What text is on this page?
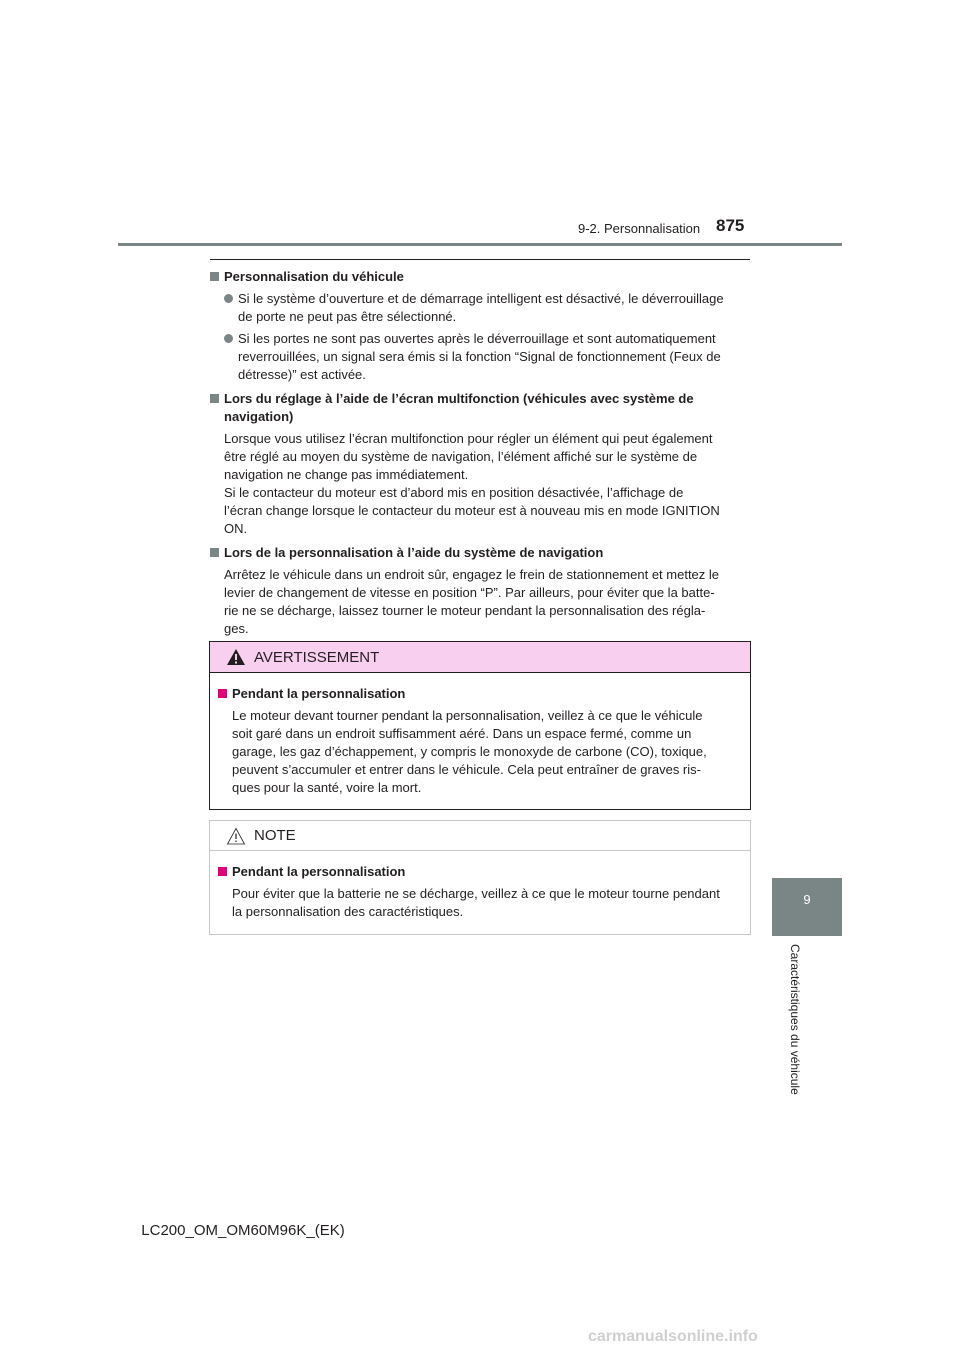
9-2. Personnalisation 875
Personnalisation du véhicule
Si le système d’ouverture et de démarrage intelligent est désactivé, le déverrouillage
de porte ne peut pas être sélectionné.
Si les portes ne sont pas ouvertes après le déverrouillage et sont automatiquement
reverrouillées, un signal sera émis si la fonction “Signal de fonctionnement (Feux de
détresse)” est activée.
Lors du réglage à l’aide de l’écran multifonction (véhicules avec système de
navigation)
Lorsque vous utilisez l’écran multifonction pour régler un élément qui peut également
être réglé au moyen du système de navigation, l’élément affiché sur le système de
navigation ne change pas immédiatement.
Si le contacteur du moteur est d’abord mis en position désactivée, l’affichage de
l’écran change lorsque le contacteur du moteur est à nouveau mis en mode IGNITION
ON.
Lors de la personnalisation à l’aide du système de navigation
Arrêtez le véhicule dans un endroit sûr, engagez le frein de stationnement et mettez le
levier de changement de vitesse en position “P”. Par ailleurs, pour éviter que la batte-
rie ne se décharge, laissez tourner le moteur pendant la personnalisation des régla-
ges.
AVERTISSEMENT
Pendant la personnalisation
Le moteur devant tourner pendant la personnalisation, veillez à ce que le véhicule
soit garé dans un endroit suffisamment aéré. Dans un espace fermé, comme un
garage, les gaz d’échappement, y compris le monoxyde de carbone (CO), toxique,
peuvent s’accumuler et entrer dans le véhicule. Cela peut entraîner de graves ris-
ques pour la santé, voire la mort.
NOTE
Pendant la personnalisation
Pour éviter que la batterie ne se décharge, veillez à ce que le moteur tourne pendant
la personnalisation des caractéristiques.
9
Caractéristiques du véhicule
LC200_OM_OM60M96K_(EK)
carmanualsonline.info
